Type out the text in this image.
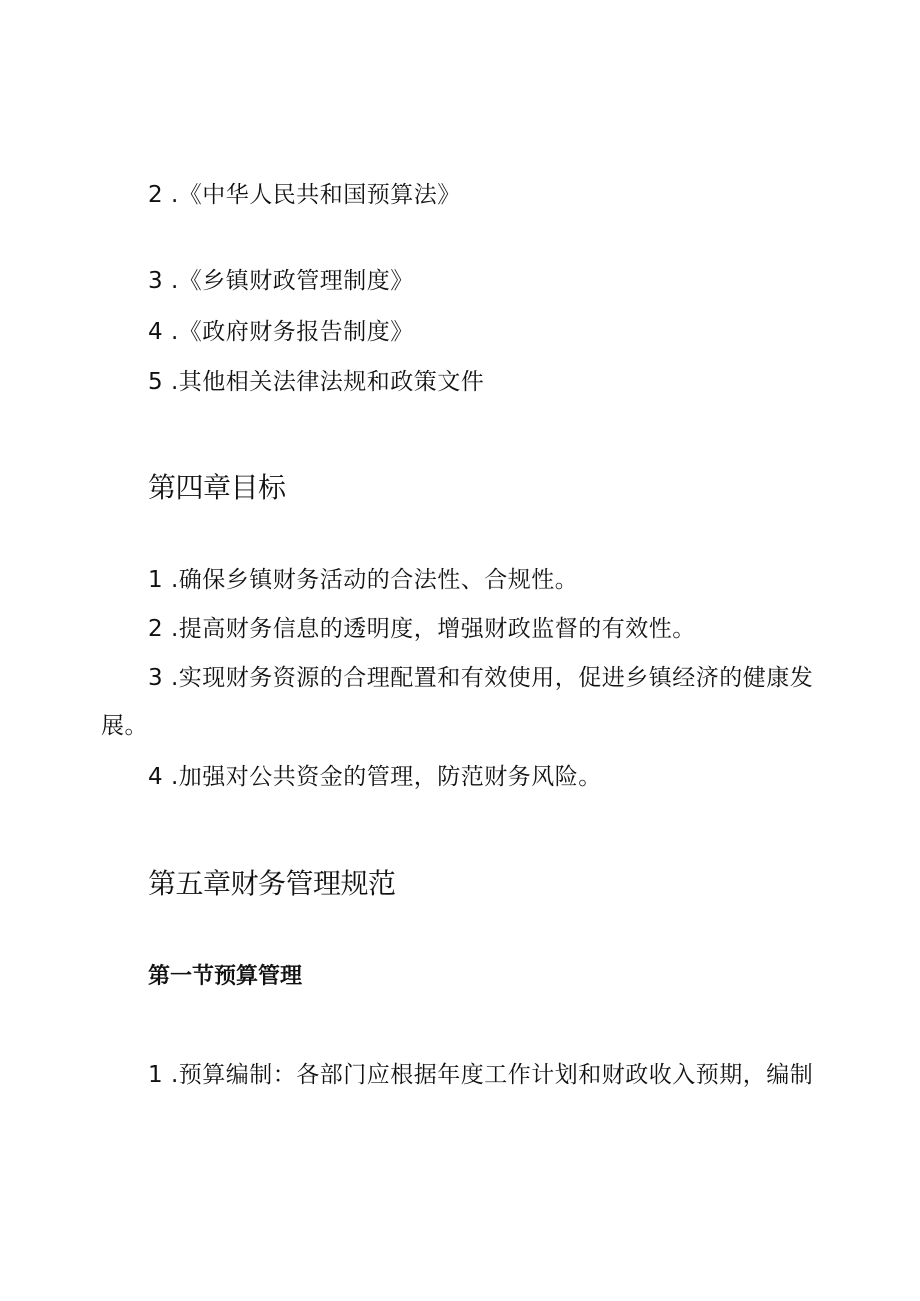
2 .《中华人民共和国预算法》
3 .《乡镇财政管理制度》
4 .《政府财务报告制度》
5 .其他相关法律法规和政策文件
第四章目标
1 .确保乡镇财务活动的合法性、合规性。
2 .提高财务信息的透明度，增强财政监督的有效性。
3 .实现财务资源的合理配置和有效使用，促进乡镇经济的健康发
展。
4 .加强对公共资金的管理，防范财务风险。
第五章财务管理规范
第一节预算管理
1 .预算编制：各部门应根据年度工作计划和财政收入预期，编制
